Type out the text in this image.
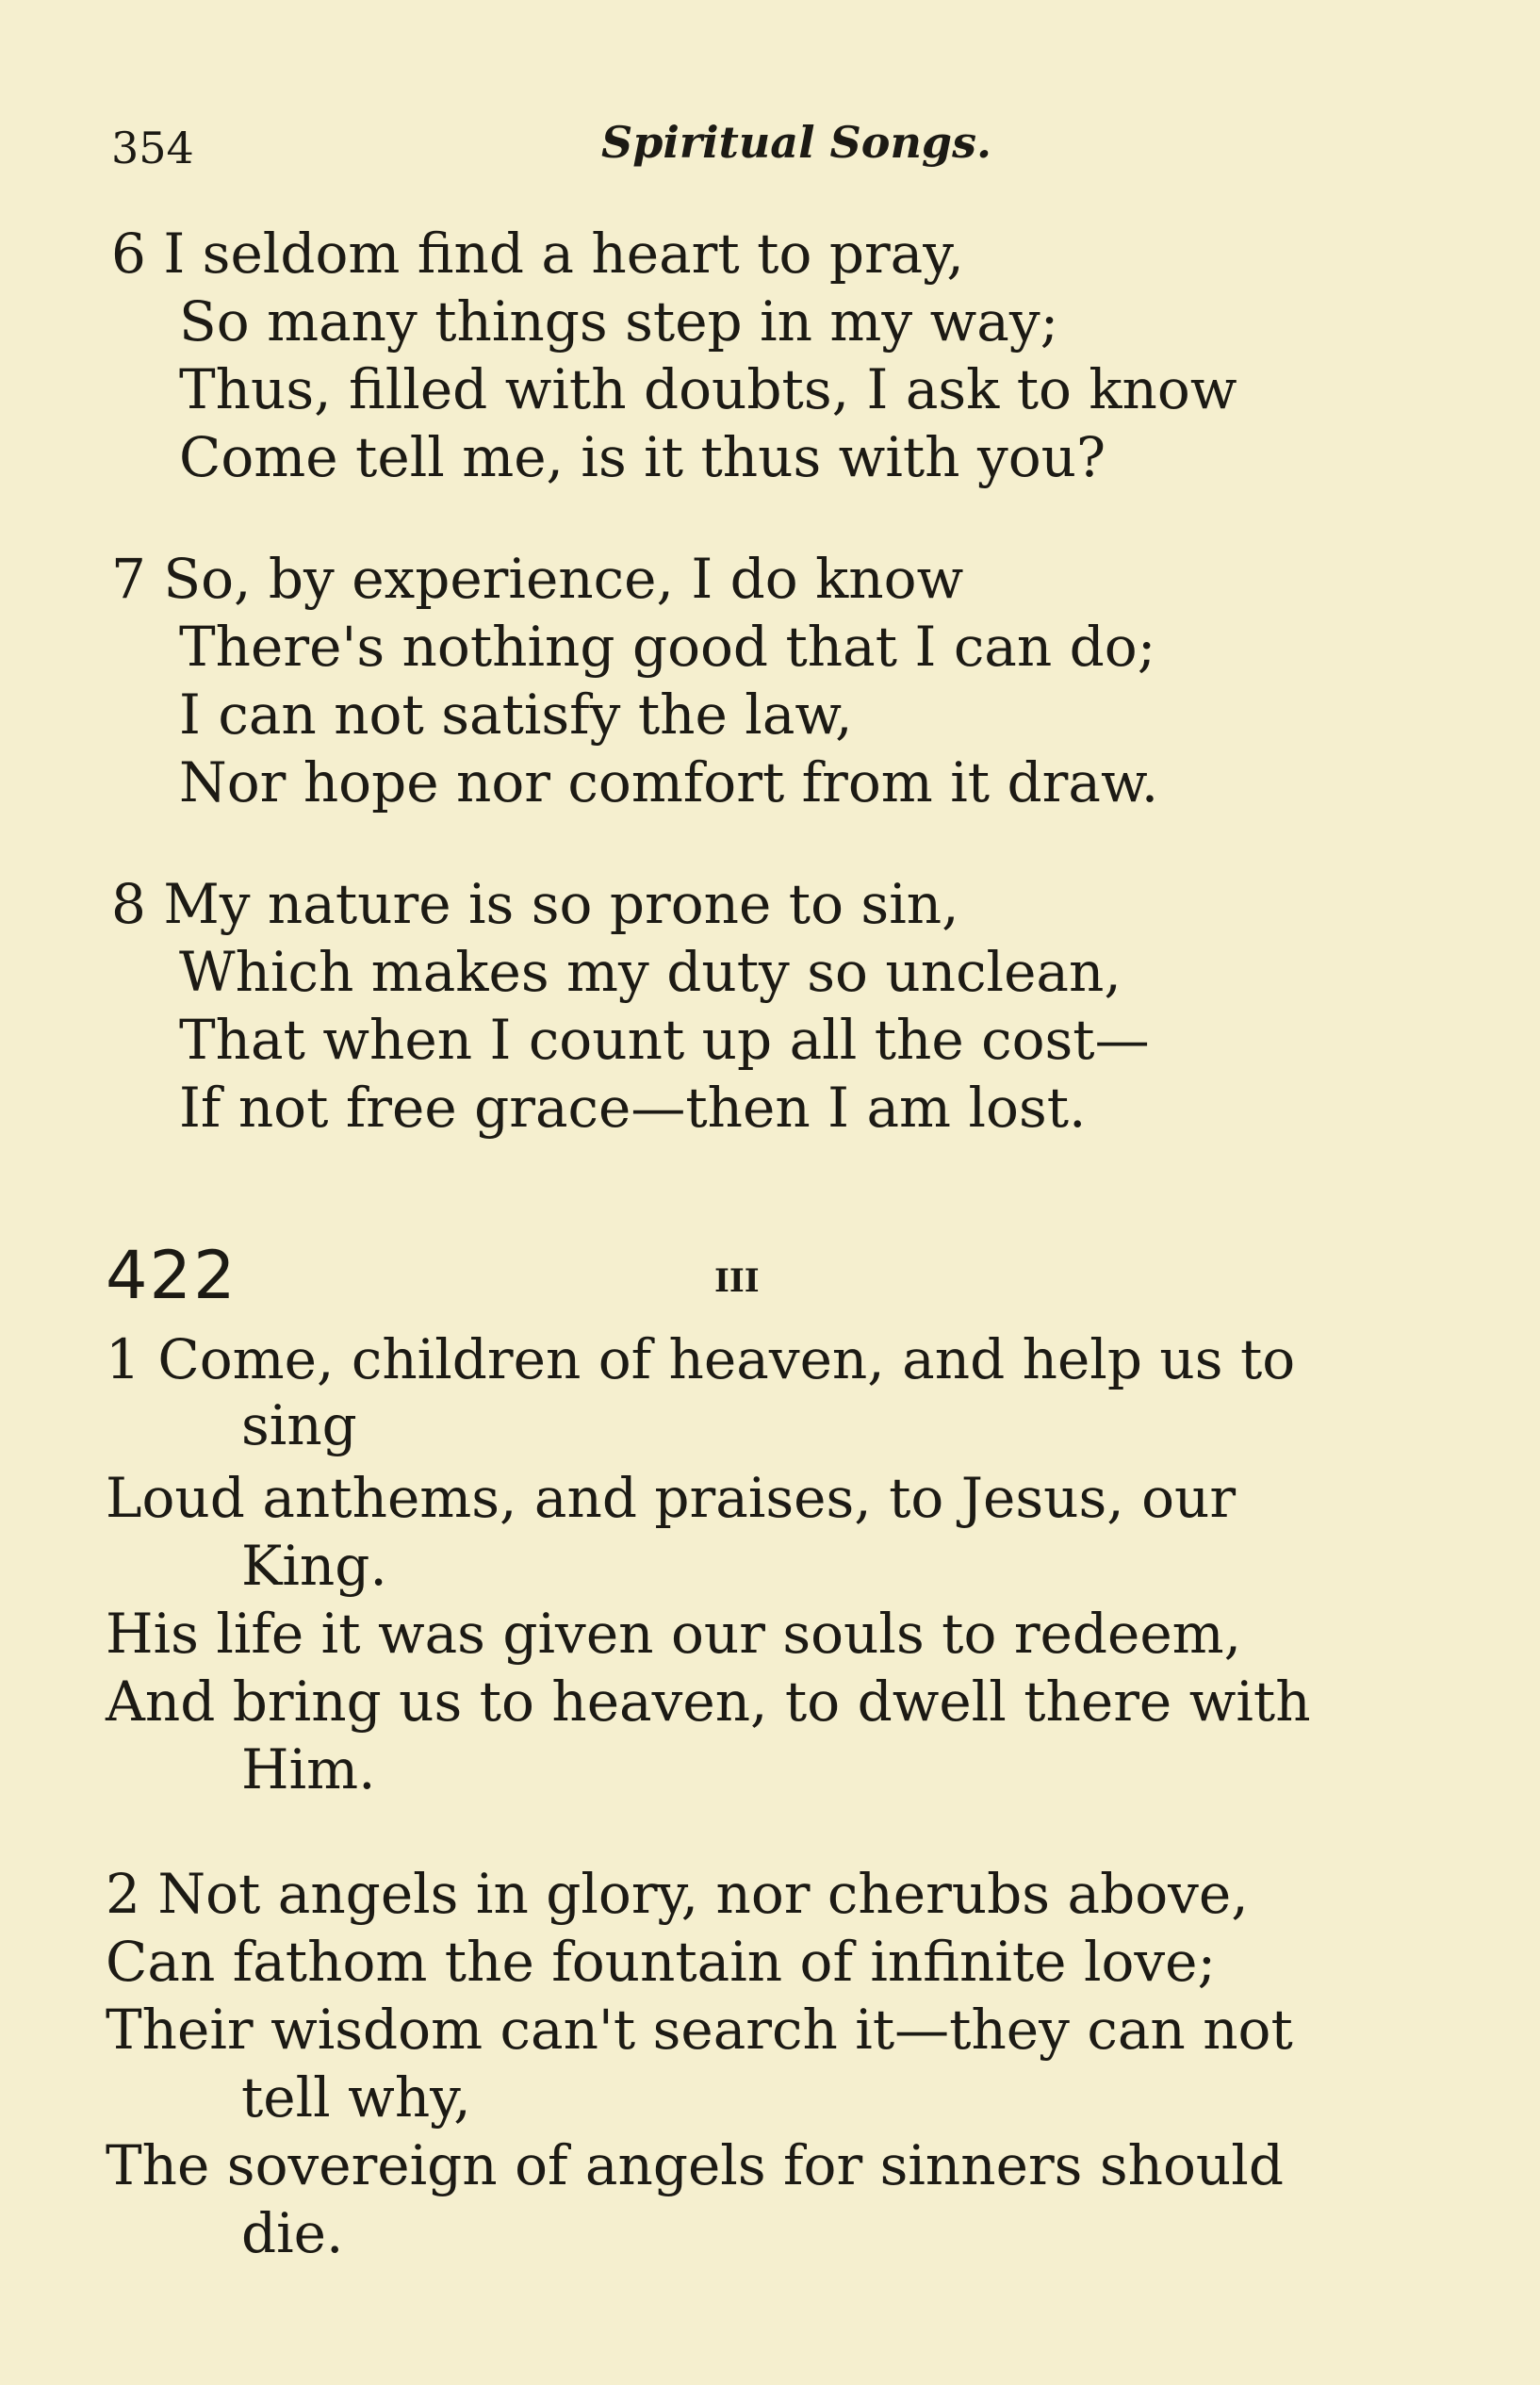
354	Spiritual Songs.
6 I seldom find a heart to pray,
So many things step in my way;
Thus, filled with doubts, I ask to know
Come tell me, is it thus with you?
7 So, by experience, I do know
There's nothing good that I can do;
I can not satisfy the law,
Nor hope nor comfort from it draw.
8 My nature is so prone to sin,
Which makes my duty so unclean,
That when I count up all the cost—
If not free grace—then I am lost.
422	III
1 Come, children of heaven, and help us to
sing
Loud anthems, and praises, to Jesus, our
King.
His life it was given our souls to redeem,
And bring us to heaven, to dwell there with
Him.
2 Not angels in glory, nor cherubs above,
Can fathom the fountain of infinite love;
Their wisdom can't search it—they can not
tell why,
The sovereign of angels for sinners should
die.
